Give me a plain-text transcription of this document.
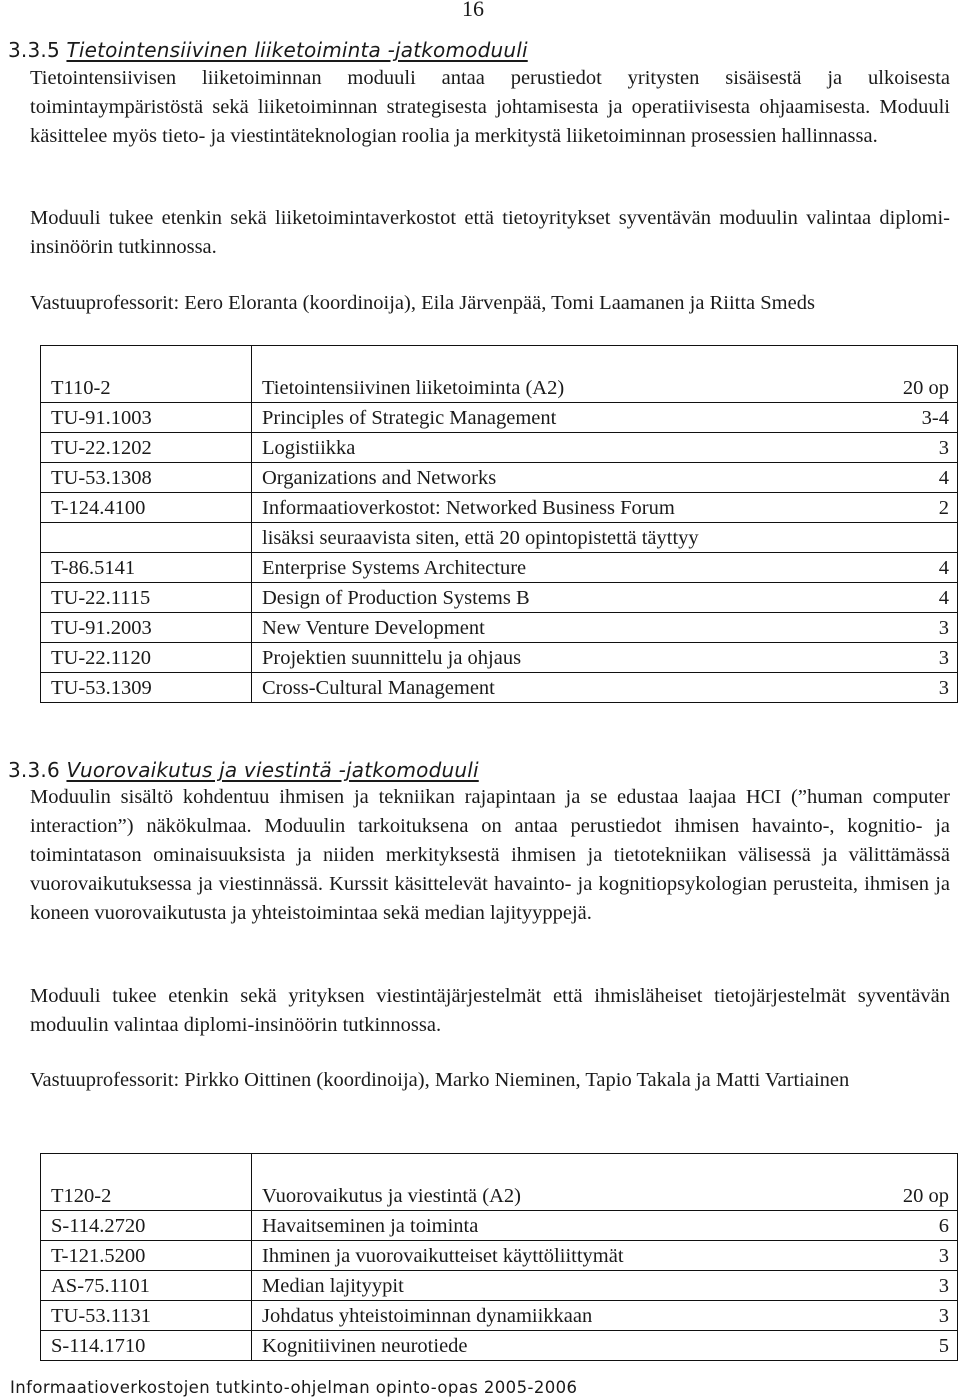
16
3.3.5 Tietointensiivinen liiketoiminta -jatkomoduuli

Tietointensiivisen liiketoiminnan moduuli antaa perustiedot yritysten sisäisestä ja ulkoisesta toimintaympäristöstä sekä liiketoiminnan strategisesta johtamisesta ja operatiivisesta ohjaamisesta. Moduuli käsittelee myös tieto- ja viestintäteknologian roolia ja merkitystä liiketoiminnan prosessien hallinnassa.

Moduuli tukee etenkin sekä liiketoimintaverkostot että tietoyritykset syventävän moduulin valintaa diplomi-insinöörin tutkinnossa.

Vastuuprofessorit: Eero Eloranta (koordinoija), Eila Järvenpää, Tomi Laamanen ja Riitta Smeds

T110-2	Tietointensiivinen liiketoiminta (A2)	20 op
TU-91.1003	Principles of Strategic Management	3-4
TU-22.1202	Logistiikka	3
TU-53.1308	Organizations and Networks	4
T-124.4100	Informaatioverkostot: Networked Business Forum	2
	lisäksi seuraavista siten, että 20 opintopistettä täyttyy	
T-86.5141	Enterprise Systems Architecture	4
TU-22.1115	Design of Production Systems B	4
TU-91.2003	New Venture Development	3
TU-22.1120	Projektien suunnittelu ja ohjaus	3
TU-53.1309	Cross-Cultural Management	3
3.3.6 Vuorovaikutus ja viestintä -jatkomoduuli

Moduulin sisältö kohdentuu ihmisen ja tekniikan rajapintaan ja se edustaa laajaa HCI (”human computer interaction”) näkökulmaa. Moduulin tarkoituksena on antaa perustiedot ihmisen havainto-, kognitio- ja toimintatason ominaisuuksista ja niiden merkityksestä ihmisen ja tietotekniikan välisessä ja välittämässä vuorovaikutuksessa ja viestinnässä. Kurssit käsittelevät havainto- ja kognitiopsykologian perusteita, ihmisen ja koneen vuorovaikutusta ja yhteistoimintaa sekä median lajityyppejä.

Moduuli tukee etenkin sekä yrityksen viestintäjärjestelmät että ihmisläheiset tietojärjestelmät syventävän moduulin valintaa diplomi-insinöörin tutkinnossa.

Vastuuprofessorit: Pirkko Oittinen (koordinoija), Marko Nieminen, Tapio Takala ja Matti Vartiainen

T120-2	Vuorovaikutus ja viestintä (A2)	20 op
S-114.2720	Havaitseminen ja toiminta	6
T-121.5200	Ihminen ja vuorovaikutteiset käyttöliittymät	3
AS-75.1101	Median lajityypit	3
TU-53.1131	Johdatus yhteistoiminnan dynamiikkaan	3
S-114.1710	Kognitiivinen neurotiede	5
Informaatioverkostojen tutkinto-ohjelman opinto-opas 2005-2006
